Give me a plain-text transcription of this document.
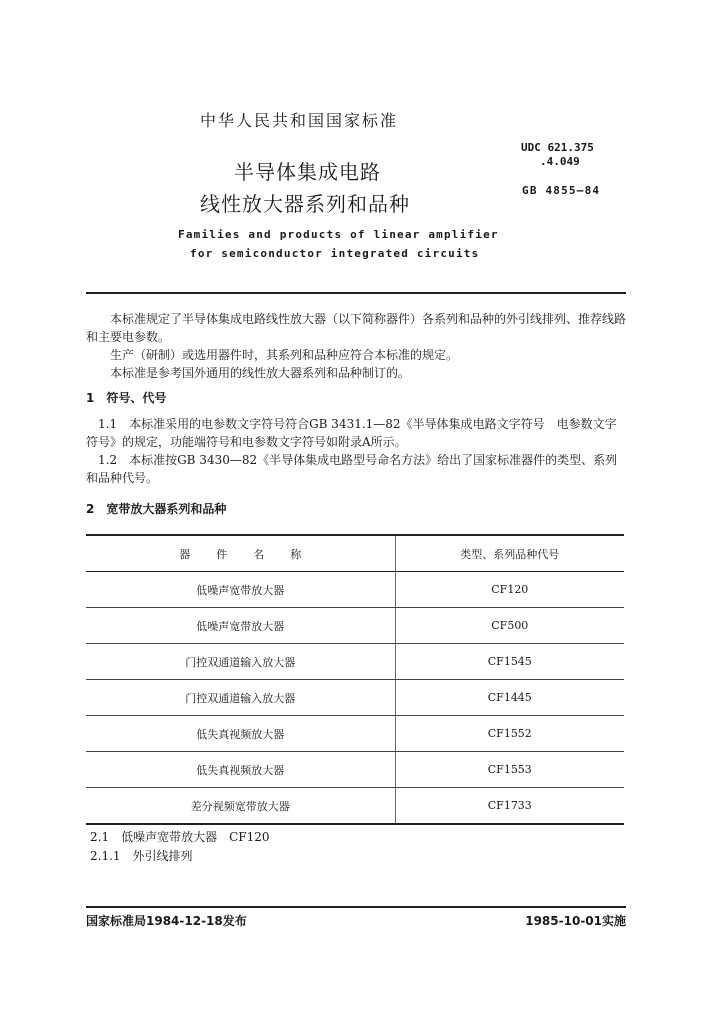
中华人民共和国国家标准
半导体集成电路
线性放大器系列和品种
Families and products of linear amplifier
for semiconductor integrated circuits
UDC 621.375
.4.049
GB 4855—84
本标准规定了半导体集成电路线性放大器（以下简称器件）各系列和品种的外引线排列、推荐线路和主要电参数。
生产（研制）或选用器件时，其系列和品种应符合本标准的规定。
本标准是参考国外通用的线性放大器系列和品种制订的。
1　符号、代号
1.1　本标准采用的电参数文字符号符合GB 3431.1—82《半导体集成电路文字符号　电参数文字符号》的规定，功能端符号和电参数文字符号如附录A所示。
1.2　本标准按GB 3430—82《半导体集成电路型号命名方法》给出了国家标准器件的类型、系列和品种代号。
2　宽带放大器系列和品种
器件名称	类型、系列品种代号
低噪声宽带放大器	CF120
低噪声宽带放大器	CF500
门控双通道输入放大器	CF1545
门控双通道输入放大器	CF1445
低失真视频放大器	CF1552
低失真视频放大器	CF1553
差分视频宽带放大器	CF1733
2.1　低噪声宽带放大器　CF120
2.1.1　外引线排列
国家标准局1984-12-18发布	1985-10-01实施
